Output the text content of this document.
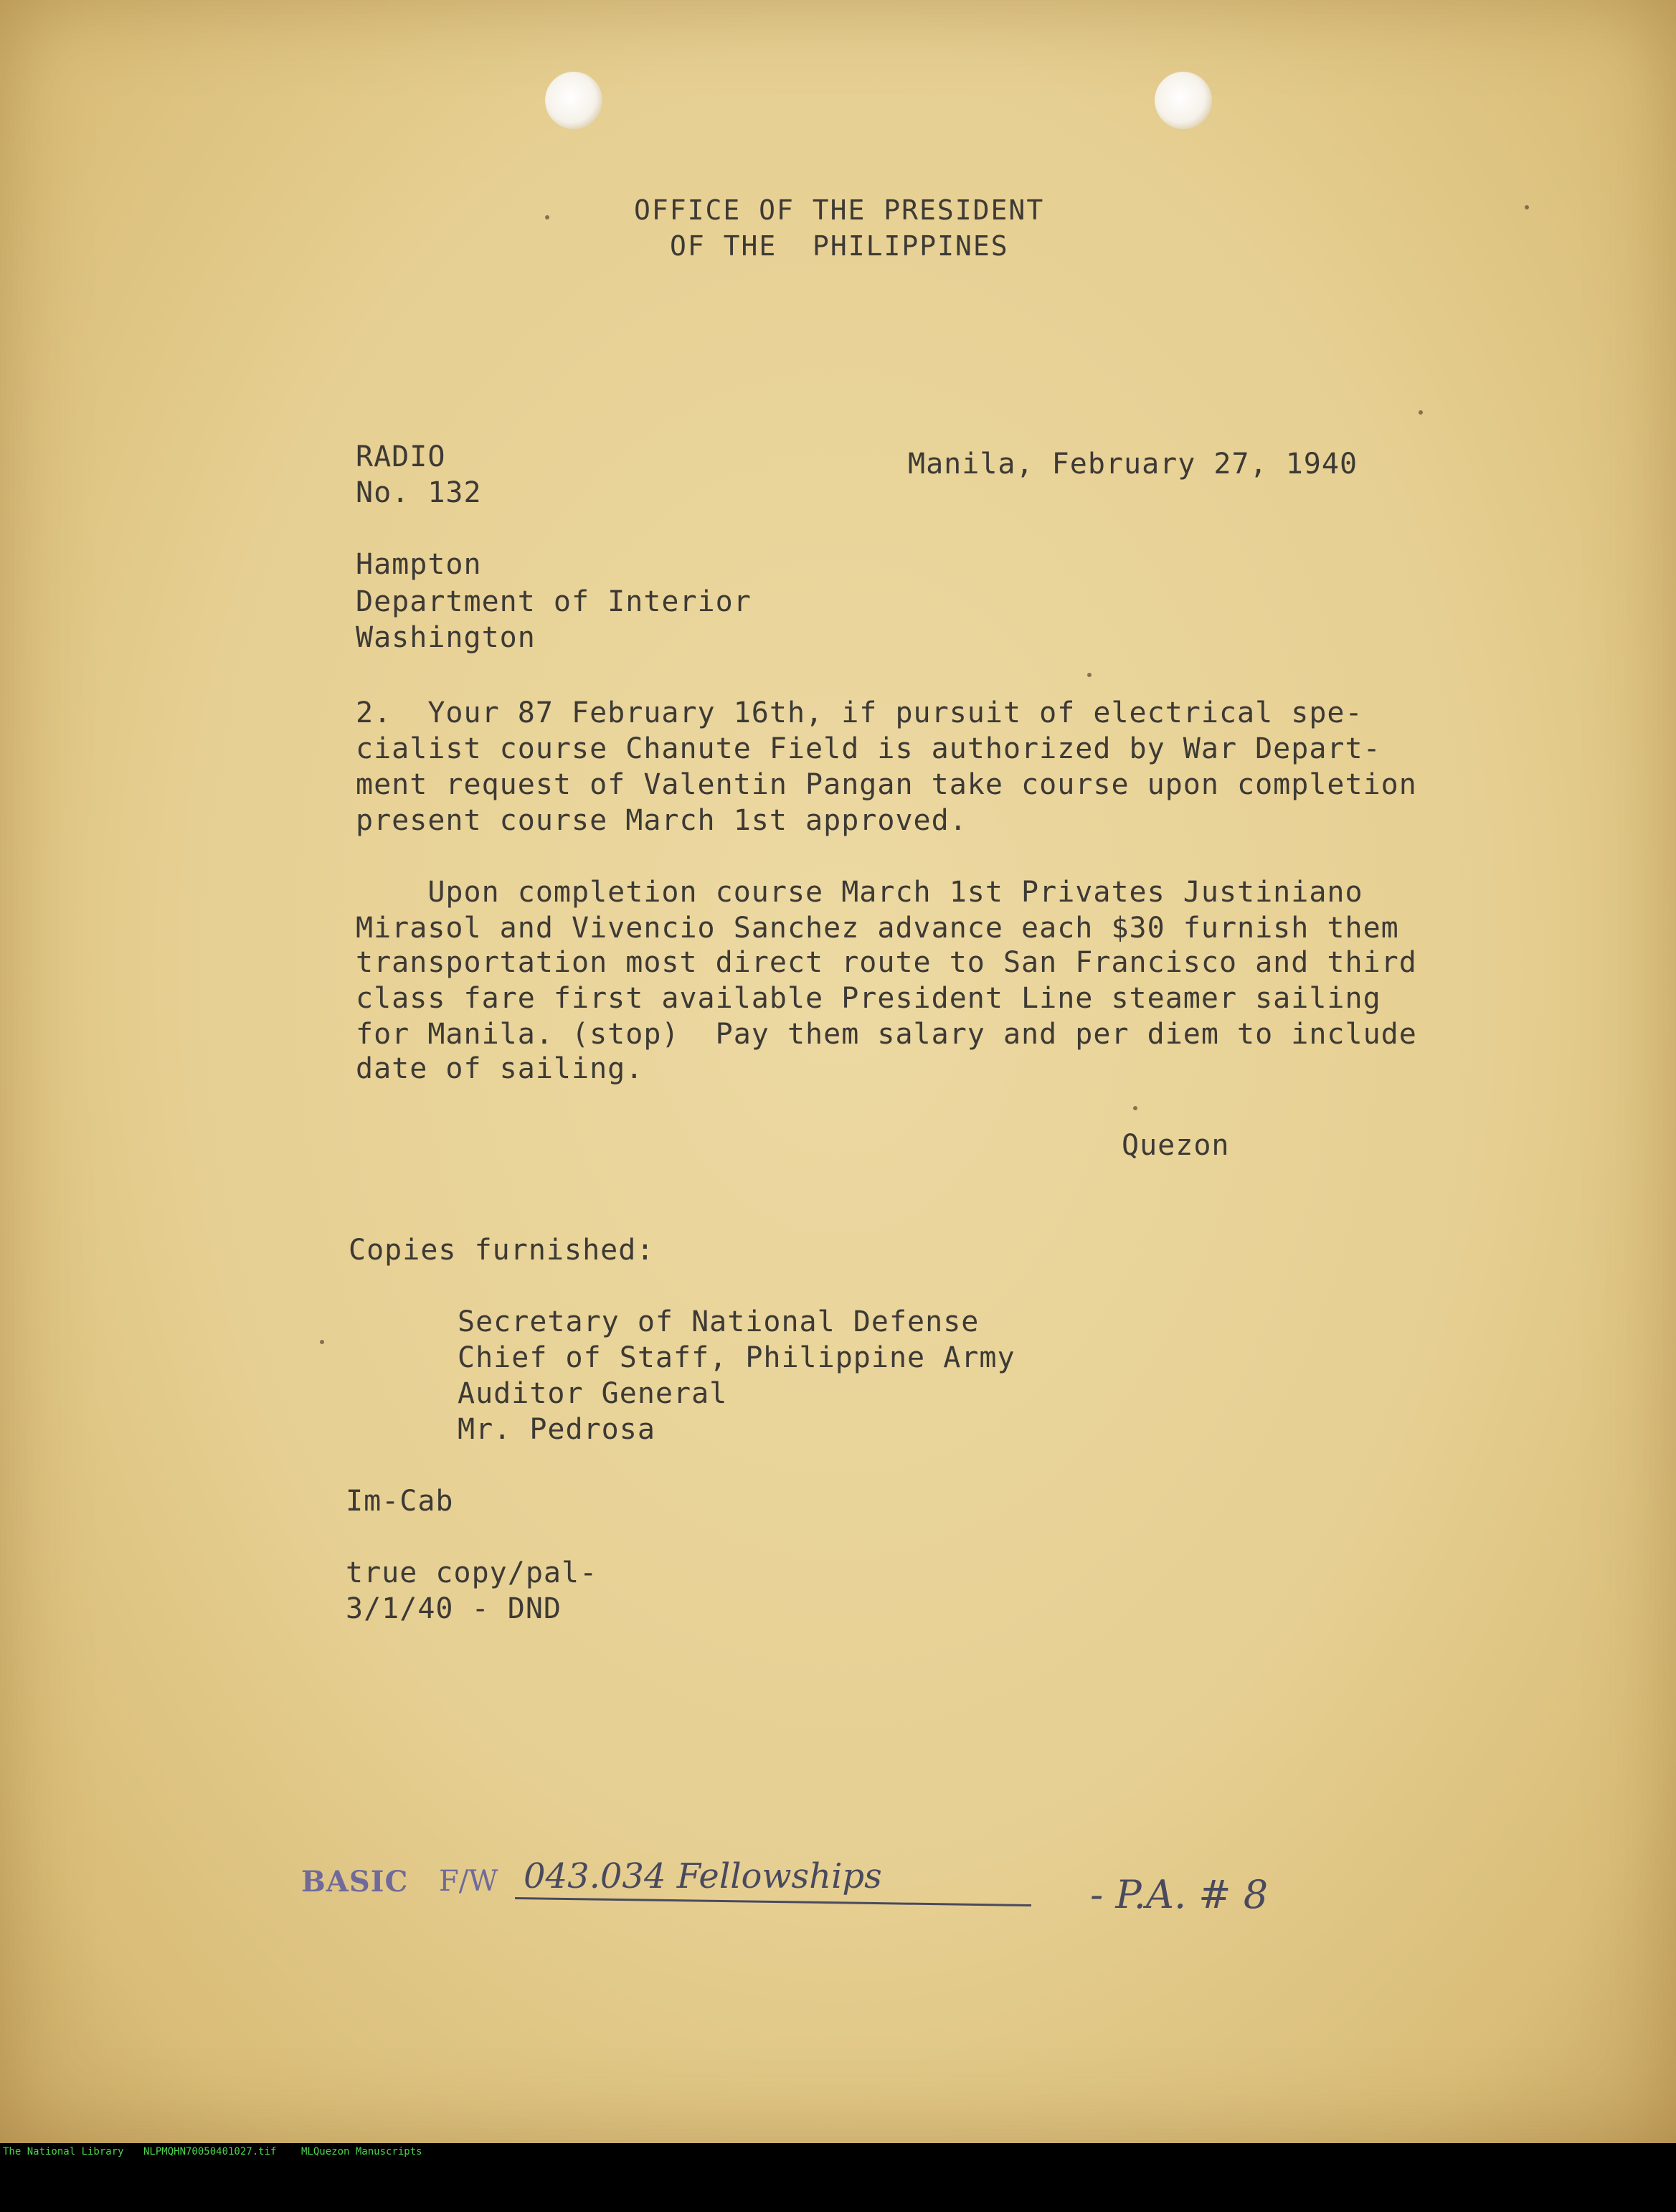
OFFICE OF THE PRESIDENT
OF THE  PHILIPPINES
RADIO
No. 132
Manila, February 27, 1940
Hampton
Department of Interior
Washington
2.  Your 87 February 16th, if pursuit of electrical spe-
cialist course Chanute Field is authorized by War Depart-
ment request of Valentin Pangan take course upon completion
present course March 1st approved.
Upon completion course March 1st Privates Justiniano
Mirasol and Vivencio Sanchez advance each $30 furnish them
transportation most direct route to San Francisco and third
class fare first available President Line steamer sailing
for Manila. (stop)  Pay them salary and per diem to include
date of sailing.
Quezon
Copies furnished:
Secretary of National Defense
Chief of Staff, Philippine Army
Auditor General
Mr. Pedrosa
Im-Cab
true copy/pal-
3/1/40 - DND
BASIC F/W 043.034 Fellowships	- P.A. # 8

The National Library

NLPMQHN70050401027.tif

MLQuezon Manuscripts
